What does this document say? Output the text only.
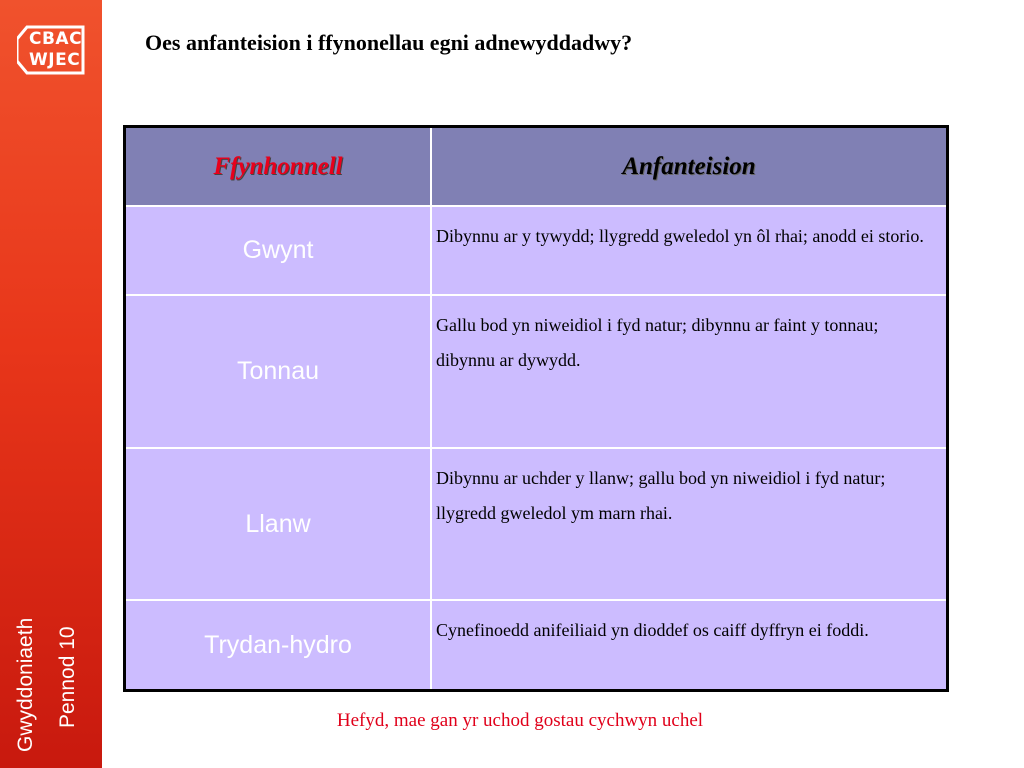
CBAC
WJEC
Gwyddoniaeth Pennod 10
Oes anfanteision i ffynonellau egni adnewyddadwy?
Ffynhonnell	Anfanteision
Gwynt	Dibynnu ar y tywydd; llygredd gweledol yn ôl rhai; anodd ei storio.
Tonnau	Gallu bod yn niweidiol i fyd natur; dibynnu ar faint y tonnau; dibynnu ar dywydd.
Llanw	Dibynnu ar uchder y llanw; gallu bod yn niweidiol i fyd natur; llygredd gweledol ym marn rhai.
Trydan-hydro	Cynefinoedd anifeiliaid yn dioddef os caiff dyffryn ei foddi.
Hefyd, mae gan yr uchod gostau cychwyn uchel
